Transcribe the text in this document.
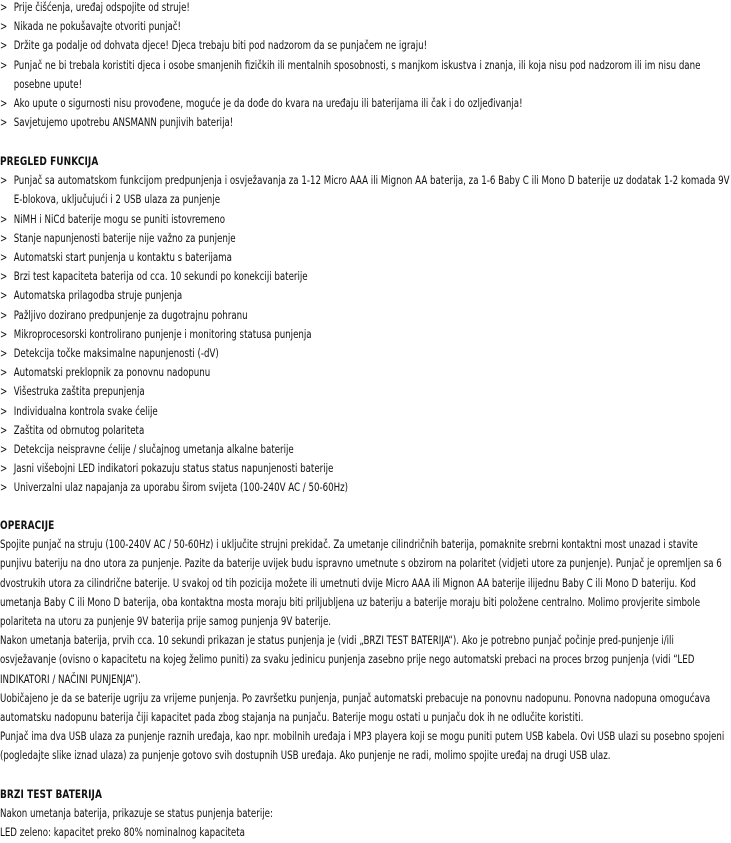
> Prije čišćenja, uređaj odspojite od struje!
> Nikada ne pokušavajte otvoriti punjač!
> Držite ga podalje od dohvata djece! Djeca trebaju biti pod nadzorom da se punjačem ne igraju!
> Punjač ne bi trebala koristiti djeca i osobe smanjenih fizičkih ili mentalnih sposobnosti, s manjkom iskustva i znanja, ili koja nisu pod nadzorom ili im nisu dane posebne upute!
> Ako upute o sigurnosti nisu provođene, moguće je da dođe do kvara na uređaju ili baterijama ili čak i do ozljeđivanja!
> Savjetujemo upotrebu ANSMANN punjivih baterija!
PREGLED FUNKCIJA
> Punjač sa automatskom funkcijom predpunjenja i osvježavanja za 1-12 Micro AAA ili Mignon AA baterija, za 1-6 Baby C ili Mono D baterije uz dodatak 1-2 komada 9V E-blokova, uključujući i 2 USB ulaza za punjenje
> NiMH i NiCd baterije mogu se puniti istovremeno
> Stanje napunjenosti baterije nije važno za punjenje
> Automatski start punjenja u kontaktu s baterijama
> Brzi test kapaciteta baterija od cca. 10 sekundi po konekciji baterije
> Automatska prilagodba struje punjenja
> Pažljivo dozirano predpunjenje za dugotrajnu pohranu
> Mikroprocesorski kontrolirano punjenje i monitoring statusa punjenja
> Detekcija točke maksimalne napunjenosti (-dV)
> Automatski preklopnik za ponovnu nadopunu
> Višestruka zaštita prepunjenja
> Individualna kontrola svake ćelije
> Zaštita od obrnutog polariteta
> Detekcija neispravne ćelije / slučajnog umetanja alkalne baterije
> Jasni višebojni LED indikatori pokazuju status status napunjenosti baterije
> Univerzalni ulaz napajanja za uporabu širom svijeta (100-240V AC / 50-60Hz)
OPERACIJE

Spojite punjač na struju (100-240V AC / 50-60Hz) i uključite strujni prekidač. Za umetanje cilindričnih baterija, pomaknite srebrni kontaktni most unazad i stavite punjivu bateriju na dno utora za punjenje. Pazite da baterije uvijek budu ispravno umetnute s obzirom na polaritet (vidjeti utore za punjenje). Punjač je opremljen sa 6 dvostrukih utora za cilindrične baterije. U svakoj od tih pozicija možete ili umetnuti dvije Micro AAA ili Mignon AA baterije ilijednu Baby C ili Mono D bateriju. Kod umetanja Baby C ili Mono D baterija, oba kontaktna mosta moraju biti priljubljena uz bateriju a baterije moraju biti položene centralno. Molimo provjerite simbole polariteta na utoru za punjenje 9V baterija prije samog punjenja 9V baterije.

Nakon umetanja baterija, prvih cca. 10 sekundi prikazan je status punjenja je (vidi „BRZI TEST BATERIJA“). Ako je potrebno punjač počinje pred-punjenje i/ili osvježavanje (ovisno o kapacitetu na kojeg želimo puniti) za svaku jedinicu punjenja zasebno prije nego automatski prebaci na proces brzog punjenja (vidi “LED INDIKATORI / NAČINI PUNJENJA”).

Uobičajeno je da se baterije ugriju za vrijeme punjenja. Po završetku punjenja, punjač automatski prebacuje na ponovnu nadopunu. Ponovna nadopuna omogućava automatsku nadopunu baterija čiji kapacitet pada zbog stajanja na punjaču. Baterije mogu ostati u punjaču dok ih ne odlučite koristiti.

Punjač ima dva USB ulaza za punjenje raznih uređaja, kao npr. mobilnih uređaja i MP3 playera koji se mogu puniti putem USB kabela. Ovi USB ulazi su posebno spojeni (pogledajte slike iznad ulaza) za punjenje gotovo svih dostupnih USB uređaja. Ako punjenje ne radi, molimo spojite uređaj na drugi USB ulaz.

BRZI TEST BATERIJA

Nakon umetanja baterija, prikazuje se status punjenja baterije:

LED zeleno: kapacitet preko 80% nominalnog kapaciteta
